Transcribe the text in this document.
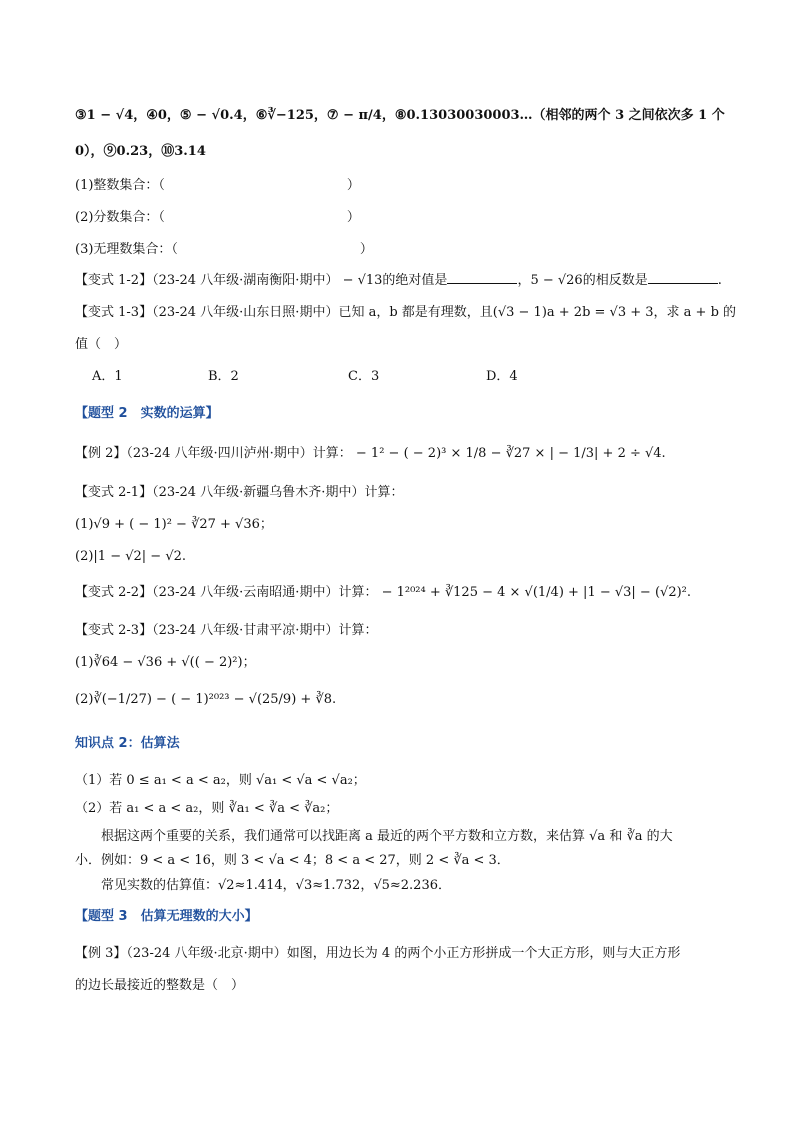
③1 − √4，④0，⑤ − √0.4，⑥∛−125，⑦ − π/4，⑧0.13030030003…（相邻的两个 3 之间依次多 1 个
0），⑨0.23，⑩3.14
(1)整数集合：（　　　　　　　　　　　　　　）
(2)分数集合：（　　　　　　　　　　　　　　）
(3)无理数集合：（　　　　　　　　　　　　　　）
【变式 1-2】（23-24 八年级·湖南衡阳·期中） − √13的绝对值是	，5 − √26的相反数是	.
【变式 1-3】（23-24 八年级·山东日照·期中）已知 a，b 都是有理数，且(√3 − 1)a + 2b = √3 + 3，求 a + b 的
值（　）
A．1	B．2	C．3	D．4
【题型 2　实数的运算】
【例 2】（23-24 八年级·四川泸州·期中）计算： − 1² − ( − 2)³ × 1/8 − ∛27 × | − 1/3| + 2 ÷ √4.
【变式 2-1】（23-24 八年级·新疆乌鲁木齐·期中）计算：
(1)√9 + ( − 1)² − ∛27 + √36；
(2)|1 − √2| − √2.
【变式 2-2】（23-24 八年级·云南昭通·期中）计算： − 1²⁰²⁴ + ∛125 − 4 × √(1/4) + |1 − √3| − (√2)².
【变式 2-3】（23-24 八年级·甘肃平凉·期中）计算：
(1)∛64 − √36 + √(( − 2)²)；
(2)∛(−1/27) − ( − 1)²⁰²³ − √(25/9) + ∛8.
知识点 2：估算法
（1）若 0 ≤ a₁ < a < a₂，则 √a₁ < √a < √a₂；
（2）若 a₁ < a < a₂，则 ∛a₁ < ∛a < ∛a₂；
根据这两个重要的关系，我们通常可以找距离 a 最近的两个平方数和立方数，来估算 √a 和 ∛a 的大
小．例如：9 < a < 16，则 3 < √a < 4；8 < a < 27，则 2 < ∛a < 3．
常见实数的估算值：√2≈1.414，√3≈1.732，√5≈2.236．
【题型 3　估算无理数的大小】
【例 3】（23-24 八年级·北京·期中）如图，用边长为 4 的两个小正方形拼成一个大正方形，则与大正方形
的边长最接近的整数是（　）
